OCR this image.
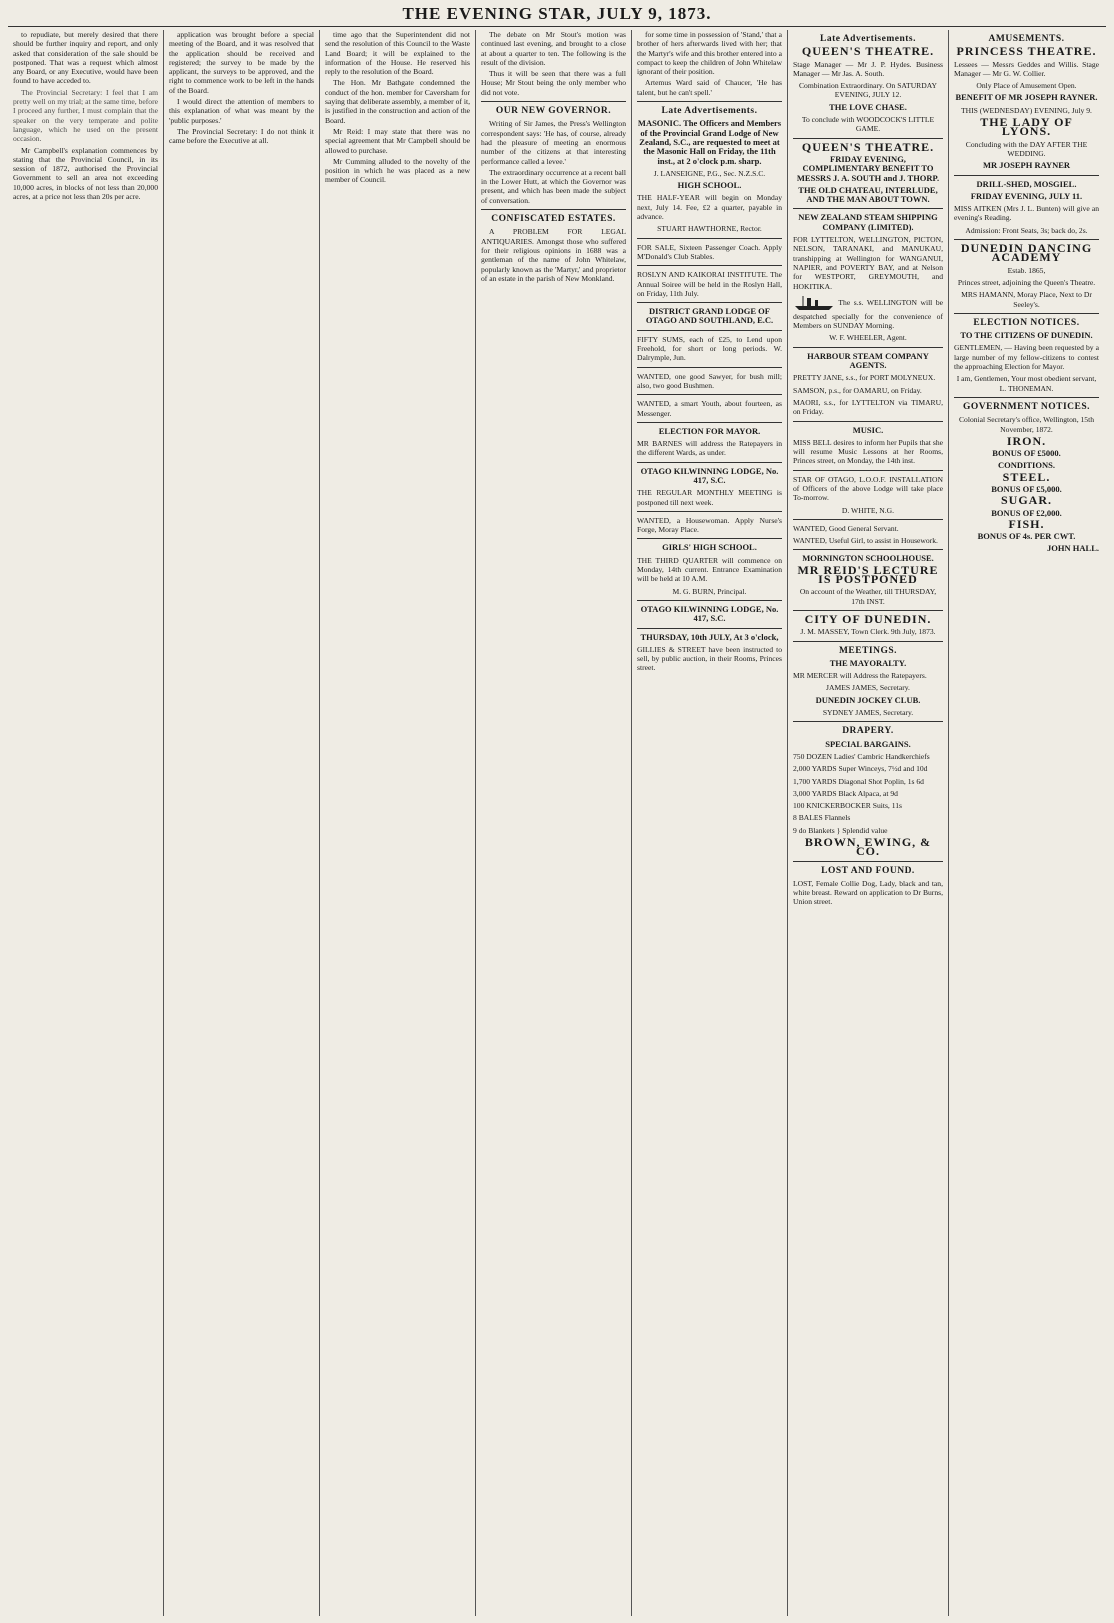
THE EVENING STAR, JULY 9, 1873.

to repudiate, but merely desired that there should be further inquiry and report, and only asked that consideration of the sale should be postponed. That was a request which almost any Board, or any Executive, would have been found to have acceded to.

The Provincial Secretary: I feel that I am pretty well on my trial; at the same time, before I proceed any further, I must complain that the speaker on the very temperate and polite language, which he used on the present occasion.

Mr Campbell's explanation commences by stating that the Provincial Council, in its session of 1872, authorised the Provincial Government to sell an area not exceeding 10,000 acres, in blocks of not less than 20,000 acres, at a price not less than 20s per acre.

application was brought before a special meeting of the Board, and it was resolved that the application should be received and registered; the survey to be made by the applicant, the surveys to be approved, and the right to commence work to be left in the hands of the Board.

I would direct the attention of members to this explanation of what was meant by the 'public purposes.'

The Provincial Secretary: I do not think it came before the Executive at all.

time ago that the Superintendent did not send the resolution of this Council to the Waste Land Board; it will be explained to the information of the House. He reserved his reply to the resolution of the Board.

The Hon. Mr Bathgate condemned the conduct of the hon. member for Caversham for saying that deliberate assembly, a member of it, is justified in the construction and action of the Board.

Mr Reid: I may state that there was no special agreement that Mr Campbell should be allowed to purchase.

Mr Cumming alluded to the novelty of the position in which he was placed as a new member of Council.

The debate on Mr Stout's motion was continued last evening, and brought to a close at about a quarter to ten. The following is the result of the division.

Thus it will be seen that there was a full House; Mr Stout being the only member who did not vote.

OUR NEW GOVERNOR.

Writing of Sir James, the Press's Wellington correspondent says: 'He has, of course, already had the pleasure of meeting an enormous number of the citizens at that interesting performance called a levee.'

The extraordinary occurrence at a recent ball in the Lower Hutt, at which the Governor was present, and which has been made the subject of conversation.

CONFISCATED ESTATES.

A PROBLEM FOR LEGAL ANTIQUARIES. Amongst those who suffered for their religious opinions in 1688 was a gentleman of the name of John Whitelaw, popularly known as the 'Martyr,' and proprietor of an estate in the parish of New Monkland.

for some time in possession of 'Stand,' that a brother of hers afterwards lived with her; that the Martyr's wife and this brother entered into a compact to keep the children of John Whitelaw ignorant of their position.

Artemus Ward said of Chaucer, 'He has talent, but he can't spell.'

Late Advertisements.
MASONIC. The Officers and Members of the Provincial Grand Lodge of New Zealand, S.C., are requested to meet at the Masonic Hall on Friday, the 11th inst., at 2 o'clock p.m. sharp.
J. LANSEIGNE, P.G., Sec. N.Z.S.C.
HIGH SCHOOL.
THE HALF-YEAR will begin on Monday next, July 14. Fee, £2 a quarter, payable in advance.
STUART HAWTHORNE, Rector.
FOR SALE, Sixteen Passenger Coach. Apply M'Donald's Club Stables.
ROSLYN AND KAIKORAI INSTITUTE. The Annual Soiree will be held in the Roslyn Hall, on Friday, 11th July.
DISTRICT GRAND LODGE OF OTAGO AND SOUTHLAND, E.C.
FIFTY SUMS, each of £25, to Lend upon Freehold, for short or long periods. W. Dalrymple, Jun.
WANTED, one good Sawyer, for bush mill; also, two good Bushmen.
WANTED, a smart Youth, about fourteen, as Messenger.
ELECTION FOR MAYOR.
MR BARNES will address the Ratepayers in the different Wards, as under.
OTAGO KILWINNING LODGE, No. 417, S.C.
THE REGULAR MONTHLY MEETING is postponed till next week.
WANTED, a Housewoman. Apply Nurse's Forge, Moray Place.
GIRLS' HIGH SCHOOL.
THE THIRD QUARTER will commence on Monday, 14th current. Entrance Examination will be held at 10 A.M.
M. G. BURN, Principal.
OTAGO KILWINNING LODGE, No. 417, S.C.
THURSDAY, 10th JULY, At 3 o'clock,
GILLIES & STREET have been instructed to sell, by public auction, in their Rooms, Princes street.
Late Advertisements.
QUEEN'S THEATRE.
Stage Manager — Mr J. P. Hydes. Business Manager — Mr Jas. A. South.
Combination Extraordinary. On SATURDAY EVENING, JULY 12.
THE LOVE CHASE.
To conclude with WOODCOCK'S LITTLE GAME.
QUEEN'S THEATRE.
FRIDAY EVENING, COMPLIMENTARY BENEFIT TO MESSRS J. A. SOUTH and J. THORP.
THE OLD CHATEAU, INTERLUDE, AND THE MAN ABOUT TOWN.
NEW ZEALAND STEAM SHIPPING COMPANY (LIMITED).
FOR LYTTELTON, WELLINGTON, PICTON, NELSON, TARANAKI, and MANUKAU, transhipping at Wellington for WANGANUI, NAPIER, and POVERTY BAY, and at Nelson for WESTPORT, GREYMOUTH, and HOKITIKA.
The s.s. WELLINGTON will be despatched specially for the convenience of Members on SUNDAY Morning.
W. F. WHEELER, Agent.
HARBOUR STEAM COMPANY AGENTS.
PRETTY JANE, s.s., for PORT MOLYNEUX.
SAMSON, p.s., for OAMARU, on Friday.
MAORI, s.s., for LYTTELTON via TIMARU, on Friday.
MUSIC.
MISS BELL desires to inform her Pupils that she will resume Music Lessons at her Rooms, Princes street, on Monday, the 14th inst.
STAR OF OTAGO, L.O.O.F. INSTALLATION of Officers of the above Lodge will take place To-morrow.
D. WHITE, N.G.
WANTED, Good General Servant.
WANTED, Useful Girl, to assist in Housework.
MORNINGTON SCHOOLHOUSE.
MR REID'S LECTURE IS POSTPONED
On account of the Weather, till THURSDAY, 17th INST.
CITY OF DUNEDIN.
J. M. MASSEY, Town Clerk. 9th July, 1873.
MEETINGS.
THE MAYORALTY.
MR MERCER will Address the Ratepayers.
JAMES JAMES, Secretary.
DUNEDIN JOCKEY CLUB.
SYDNEY JAMES, Secretary.
DRAPERY.
SPECIAL BARGAINS.
750 DOZEN Ladies' Cambric Handkerchiefs
2,000 YARDS Super Winceys, 7½d and 10d
1,700 YARDS Diagonal Shot Poplin, 1s 6d
3,000 YARDS Black Alpaca, at 9d
100 KNICKERBOCKER Suits, 11s
8 BALES Flannels
9 do Blankets } Splendid value
BROWN, EWING, & CO.
LOST AND FOUND.
LOST, Female Collie Dog, Lady, black and tan, white breast. Reward on application to Dr Burns, Union street.
AMUSEMENTS.
PRINCESS THEATRE.
Lessees — Messrs Geddes and Willis. Stage Manager — Mr G. W. Collier.
Only Place of Amusement Open.
BENEFIT OF MR JOSEPH RAYNER.
THIS (WEDNESDAY) EVENING, July 9.
THE LADY OF LYONS.
Concluding with the DAY AFTER THE WEDDING.
MR JOSEPH RAYNER
DRILL-SHED, MOSGIEL.
FRIDAY EVENING, JULY 11.
MISS AITKEN (Mrs J. L. Bunten) will give an evening's Reading.
Admission: Front Seats, 3s; back do, 2s.
DUNEDIN DANCING ACADEMY
Estab. 1865,
Princes street, adjoining the Queen's Theatre.
MRS HAMANN, Moray Place, Next to Dr Seeley's.
ELECTION NOTICES.
TO THE CITIZENS OF DUNEDIN.
GENTLEMEN, — Having been requested by a large number of my fellow-citizens to contest the approaching Election for Mayor.
I am, Gentlemen, Your most obedient servant, L. THONEMAN.
GOVERNMENT NOTICES.
Colonial Secretary's office, Wellington, 15th November, 1872.
IRON.
BONUS OF £5000.
CONDITIONS.
STEEL.
BONUS OF £5,000.
SUGAR.
BONUS OF £2,000.
FISH.
BONUS OF 4s. PER CWT.
JOHN HALL.
